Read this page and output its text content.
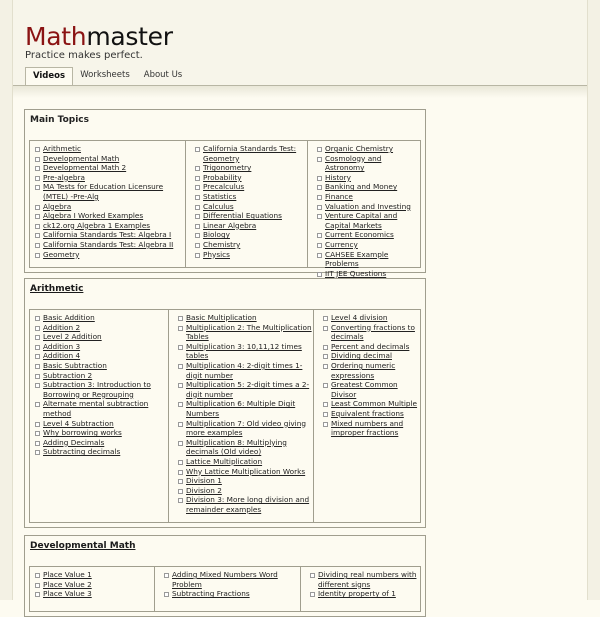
Mathmaster
Practice makes perfect.
Videos	Worksheets	About Us
Main Topics
Arithmetic
Developmental Math
Developmental Math 2
Pre-algebra
MA Tests for Education Licensure (MTEL) -Pre-Alg
Algebra
Algebra I Worked Examples
ck12.org Algebra 1 Examples
California Standards Test: Algebra I
California Standards Test: Algebra II
Geometry
California Standards Test: Geometry
Trigonometry
Probability
Precalculus
Statistics
Calculus
Differential Equations
Linear Algebra
Biology
Chemistry
Physics
Organic Chemistry
Cosmology and Astronomy
History
Banking and Money
Finance
Valuation and Investing
Venture Capital and Capital Markets
Current Economics
Currency
CAHSEE Example Problems
IIT JEE Questions
Arithmetic
Basic Addition
Addition 2
Level 2 Addition
Addition 3
Addition 4
Basic Subtraction
Subtraction 2
Subtraction 3: Introduction to Borrowing or Regrouping
Alternate mental subtraction method
Level 4 Subtraction
Why borrowing works
Adding Decimals
Subtracting decimals
Basic Multiplication
Multiplication 2: The Multiplication Tables
Multiplication 3: 10,11,12 times tables
Multiplication 4: 2-digit times 1-digit number
Multiplication 5: 2-digit times a 2-digit number
Multiplication 6: Multiple Digit Numbers
Multiplication 7: Old video giving more examples
Multiplication 8: Multiplying decimals (Old video)
Lattice Multiplication
Why Lattice Multiplication Works
Division 1
Division 2
Division 3: More long division and remainder examples
Level 4 division
Converting fractions to decimals
Percent and decimals
Dividing decimal
Ordering numeric expressions
Greatest Common Divisor
Least Common Multiple
Equivalent fractions
Mixed numbers and improper fractions
Developmental Math
Place Value 1
Place Value 2
Place Value 3
Adding Mixed Numbers Word Problem
Subtracting Fractions
Dividing real numbers with different signs
Identity property of 1
